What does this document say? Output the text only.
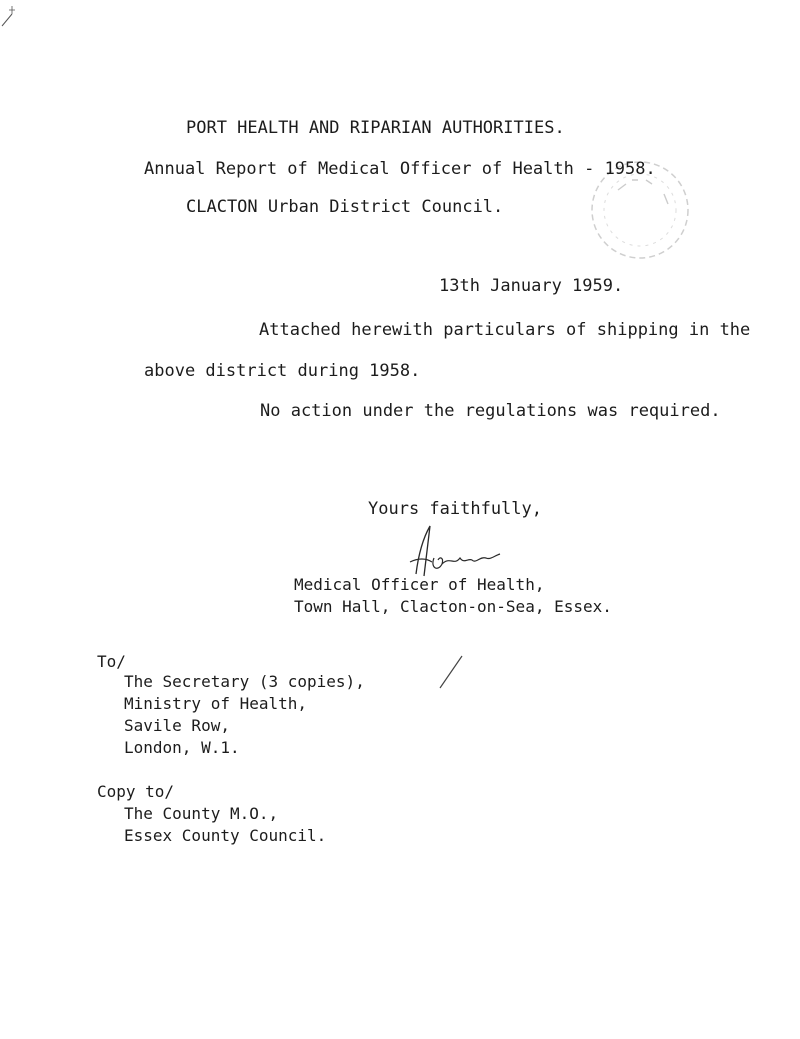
PORT HEALTH AND RIPARIAN AUTHORITIES.
Annual Report of Medical Officer of Health - 1958.
CLACTON Urban District Council.
13th January 1959.
Attached herewith particulars of shipping in the
above district during 1958.
No action under the regulations was required.
Yours faithfully,
Medical Officer of Health,
Town Hall, Clacton-on-Sea, Essex.
To/
The Secretary (3 copies),
Ministry of Health,
Savile Row,
London, W.1.
Copy to/
The County M.O.,
Essex County Council.
